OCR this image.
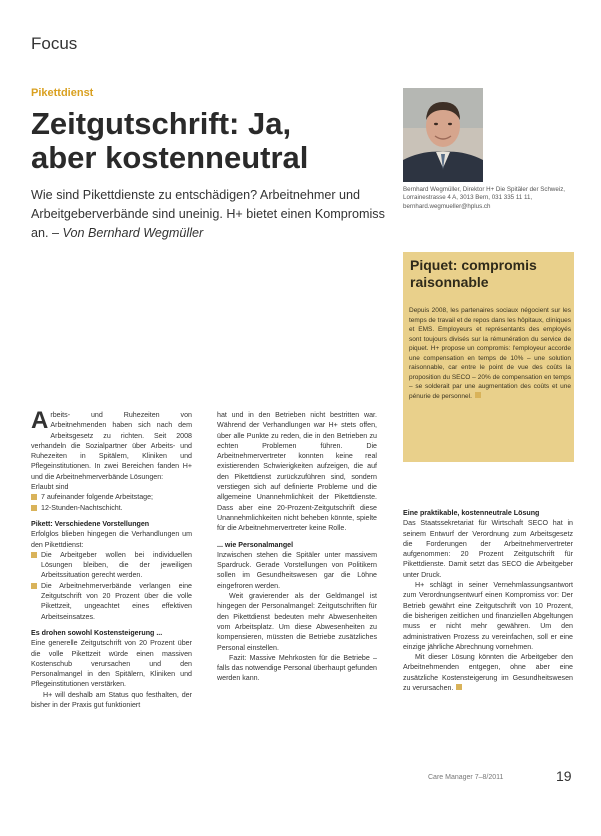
Focus
Pikettdienst
Zeitgutschrift: Ja, aber kostenneutral
Wie sind Pikettdienste zu entschädigen? Arbeitnehmer und Arbeitgeberverbände sind uneinig. H+ bietet einen Kompromiss an. – Von Bernhard Wegmüller
Bernhard Wegmüller, Direktor H+ Die Spitäler der Schweiz, Lorrainestrasse 4 A, 3013 Bern, 031 335 11 11, bernhard.wegmueller@hplus.ch
Piquet: compromis raisonnable
Depuis 2008, les partenaires sociaux négocient sur les temps de travail et de repos dans les hôpitaux, cliniques et EMS. Employeurs et représentants des employés sont toujours divisés sur la rémunération du service de piquet. H+ propose un compromis: l'employeur accorde une compensation en temps de 10% – une solution raisonnable, car entre le point de vue des coûts la proposition du SECO – 20% de compensation en temps – se solderait par une augmentation des coûts et une pénurie de personnel.

Arbeits- und Ruhezeiten von Arbeitnehmenden haben sich nach dem Arbeitsgesetz zu richten. Seit 2008 verhandeln die Sozialpartner über Arbeits- und Ruhezeiten in Spitälern, Kliniken und Pflegeinstitutionen. In zwei Bereichen fanden H+ und die Arbeitnehmerverbände Lösungen:

Erlaubt sind

7 aufeinander folgende Arbeitstage;
12-Stunden-Nachtschicht.

Pikett: Verschiedene Vorstellungen

Erfolglos blieben hingegen die Verhandlungen um den Pikettdienst:

Die Arbeitgeber wollen bei individuellen Lösungen bleiben, die der jeweiligen Arbeitssituation gerecht werden.
Die Arbeitnehmerverbände verlangen eine Zeitgutschrift von 20 Prozent über die volle Pikettzeit, ungeachtet eines effektiven Arbeitseinsatzes.

Es drohen sowohl Kostensteigerung ...

Eine generelle Zeitgutschrift von 20 Prozent über die volle Pikettzeit würde einen massiven Kostenschub verursachen und den Personalmangel in den Spitälern, Kliniken und Pflegeinstitutionen verstärken.

H+ will deshalb am Status quo festhalten, der bisher in der Praxis gut funktioniert

hat und in den Betrieben nicht bestritten war. Während der Verhandlungen war H+ stets offen, über alle Punkte zu reden, die in den Betrieben zu echten Problemen führen. Die Arbeitnehmervertreter konnten keine real existierenden Schwierigkeiten aufzeigen, die auf den Pikettdienst zurückzuführen sind, sondern verstiegen sich auf definierte Probleme und die allgemeine Unannehmlichkeit der Pikettdienste. Dass aber eine 20-Prozent-Zeitgutschrift diese Unannehmlichkeiten nicht beheben könnte, spielte für die Arbeitnehmervertreter keine Rolle.

... wie Personalmangel

Inzwischen stehen die Spitäler unter massivem Spardruck. Gerade Vorstellungen von Politikern sollen im Gesundheitswesen gar die Löhne eingefroren werden.

Weit gravierender als der Geldmangel ist hingegen der Personalmangel: Zeitgutschriften für den Pikettdienst bedeuten mehr Abwesenheiten vom Arbeitsplatz. Um diese Abwesenheiten zu kompensieren, müssten die Betriebe zusätzliches Personal einstellen.

Fazit: Massive Mehrkosten für die Betriebe – falls das notwendige Personal überhaupt gefunden werden kann.

Eine praktikable, kostenneutrale Lösung

Das Staatssekretariat für Wirtschaft SECO hat in seinem Entwurf der Verordnung zum Arbeitsgesetz die Forderungen der Arbeitnehmervertreter aufgenommen: 20 Prozent Zeitgutschrift für Pikettdienste. Damit setzt das SECO die Arbeitgeber unter Druck.

H+ schlägt in seiner Vernehmlassungsantwort zum Verordnungsentwurf einen Kompromiss vor: Der Betrieb gewährt eine Zeitgutschrift von 10 Prozent, die bisherigen zeitlichen und finanziellen Abgeltungen muss er nicht mehr gewähren. Um den administrativen Prozess zu vereinfachen, soll er eine einzige jährliche Abrechnung vornehmen.

Mit dieser Lösung könnten die Arbeitgeber den Arbeitnehmenden entgegen, ohne aber eine zusätzliche Kostensteigerung im Gesundheitswesen zu verursachen.

Care Manager 7–8/2011	19
